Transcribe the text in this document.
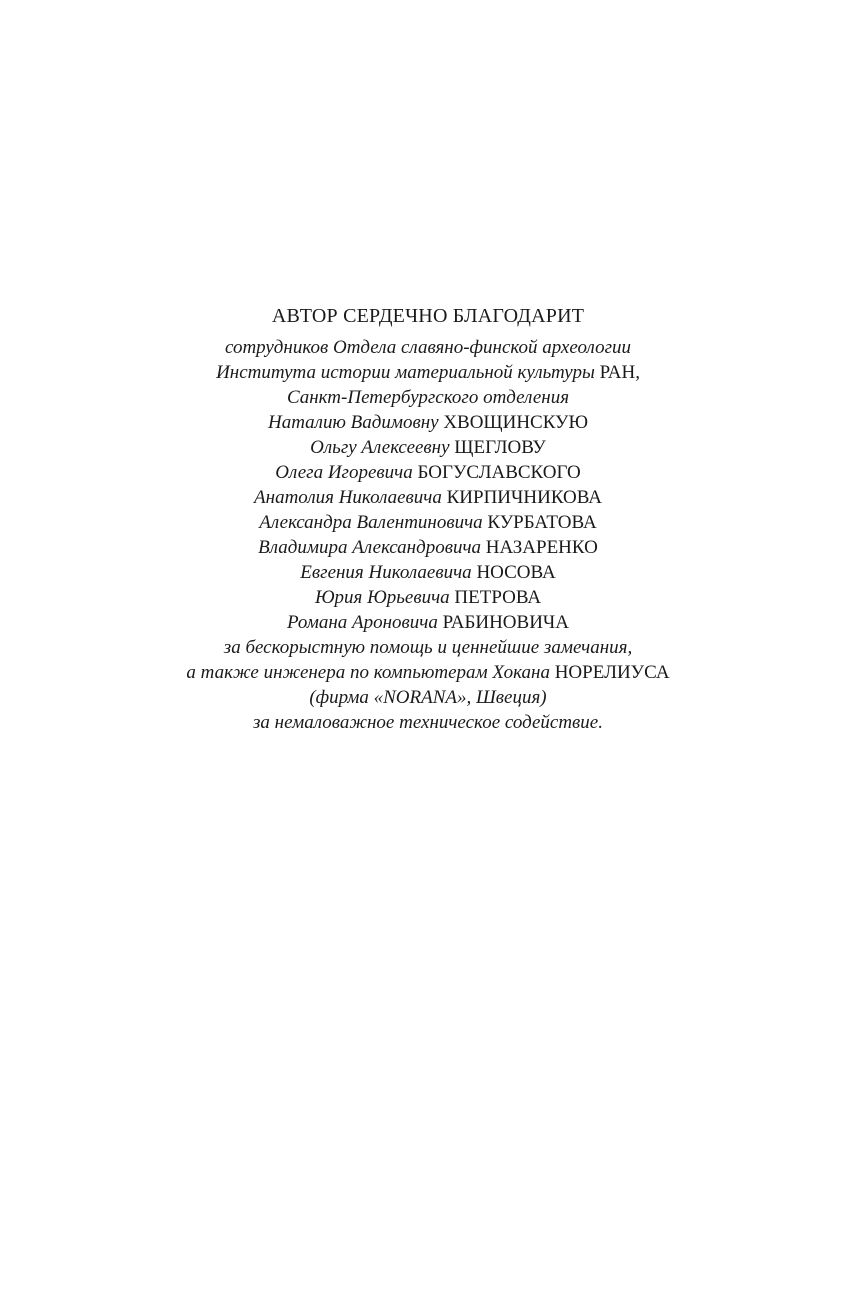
АВТОР СЕРДЕЧНО БЛАГОДАРИТ

сотрудников Отдела славяно-финской археологии

Института истории материальной культуры РАН,

Санкт-Петербургского отделения

Наталию Вадимовну ХВОЩИНСКУЮ

Ольгу Алексеевну ЩЕГЛОВУ

Олега Игоревича БОГУСЛАВСКОГО

Анатолия Николаевича КИРПИЧНИКОВА

Александра Валентиновича КУРБАТОВА

Владимира Александровича НАЗАРЕНКО

Евгения Николаевича НОСОВА

Юрия Юрьевича ПЕТРОВА

Романа Ароновича РАБИНОВИЧА

за бескорыстную помощь и ценнейшие замечания,

а также инженера по компьютерам Хокана НОРЕЛИУСА

(фирма «NORANA», Швеция)

за немаловажное техническое содействие.
